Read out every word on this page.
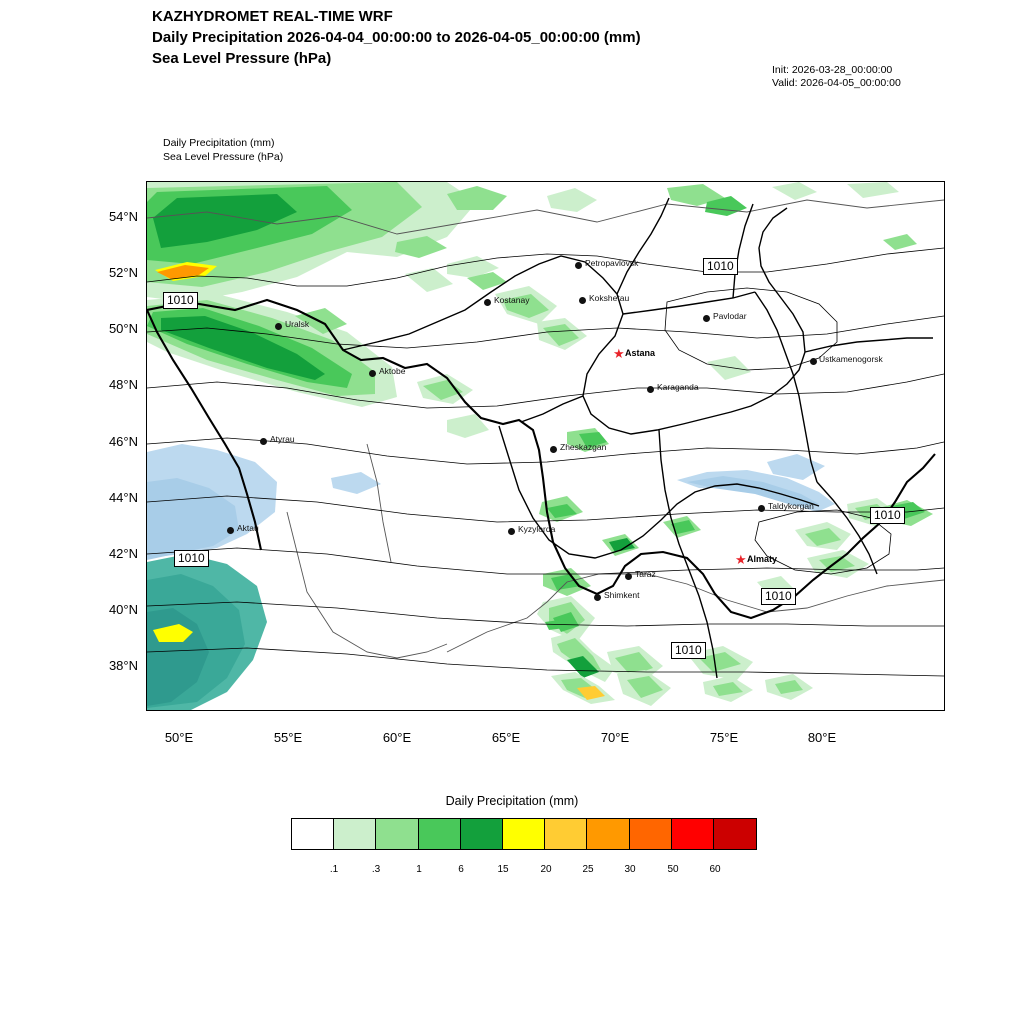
KAZHYDROMET REAL-TIME WRF
Daily Precipitation 2026-04-04_00:00:00 to 2026-04-05_00:00:00 (mm)
Sea Level Pressure (hPa)
Init: 2026-03-28_00:00:00
Valid: 2026-04-05_00:00:00
Daily Precipitation (mm)
Sea Level Pressure (hPa)
1010
1010
1010
1010
1010
1010
Petropavlovsk
Kostanay	Kokshetau
Pavlodar
Uralsk
★ Astana
Ustkamenogorsk
Aktobe
Karaganda
Atyrau
Zheskazgan
Taldykorgan
Aktau	Kyzylorda
★ Almaty
Taraz
Shimkent
54°N
52°N
50°N
48°N
46°N
44°N
42°N
40°N
38°N
50°E	55°E	60°E	65°E	70°E	75°E	80°E
Daily Precipitation (mm)
.1	.3	1	6	15	20	25	30	50	60
